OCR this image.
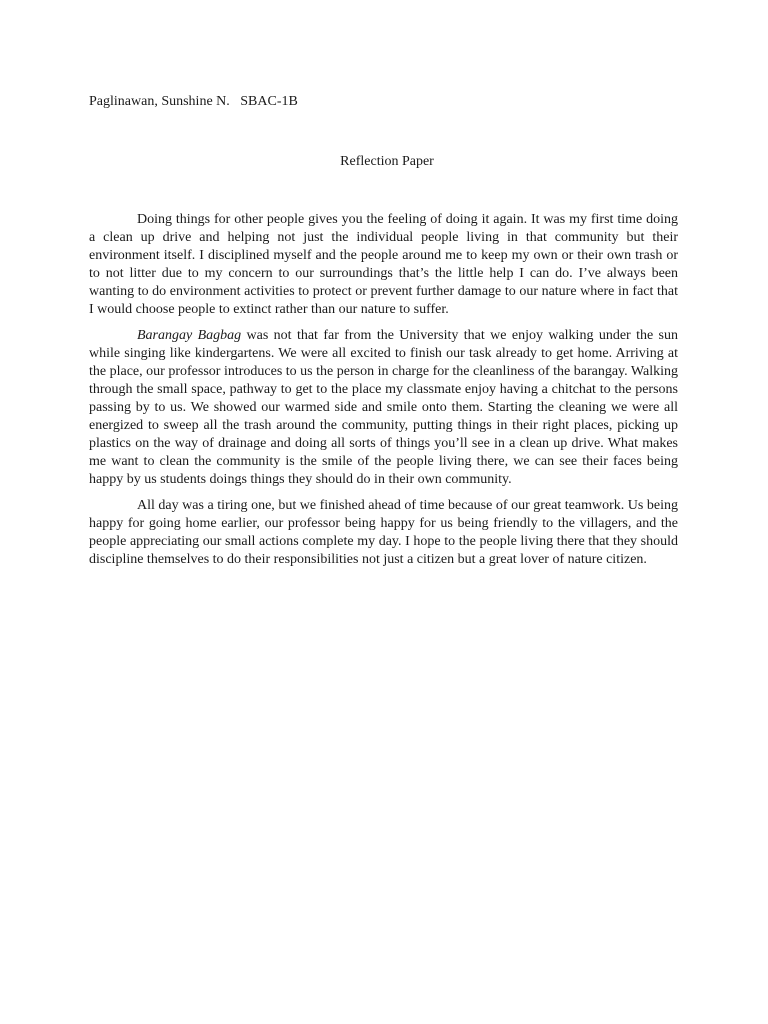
Paglinawan, Sunshine N.   SBAC-1B
Reflection Paper

Doing things for other people gives you the feeling of doing it again. It was my first time doing a clean up drive and helping not just the individual people living in that community but their environment itself. I disciplined myself and the people around me to keep my own or their own trash or to not litter due to my concern to our surroundings that’s the little help I can do. I’ve always been wanting to do environment activities to protect or prevent further damage to our nature where in fact that I would choose people to extinct rather than our nature to suffer.

Barangay Bagbag was not that far from the University that we enjoy walking under the sun while singing like kindergartens. We were all excited to finish our task already to get home. Arriving at the place, our professor introduces to us the person in charge for the cleanliness of the barangay. Walking through the small space, pathway to get to the place my classmate enjoy having a chitchat to the persons passing by to us. We showed our warmed side and smile onto them. Starting the cleaning we were all energized to sweep all the trash around the community, putting things in their right places, picking up plastics on the way of drainage and doing all sorts of things you’ll see in a clean up drive. What makes me want to clean the community is the smile of the people living there, we can see their faces being happy by us students doings things they should do in their own community.

All day was a tiring one, but we finished ahead of time because of our great teamwork. Us being happy for going home earlier, our professor being happy for us being friendly to the villagers, and the people appreciating our small actions complete my day. I hope to the people living there that they should discipline themselves to do their responsibilities not just a citizen but a great lover of nature citizen.
